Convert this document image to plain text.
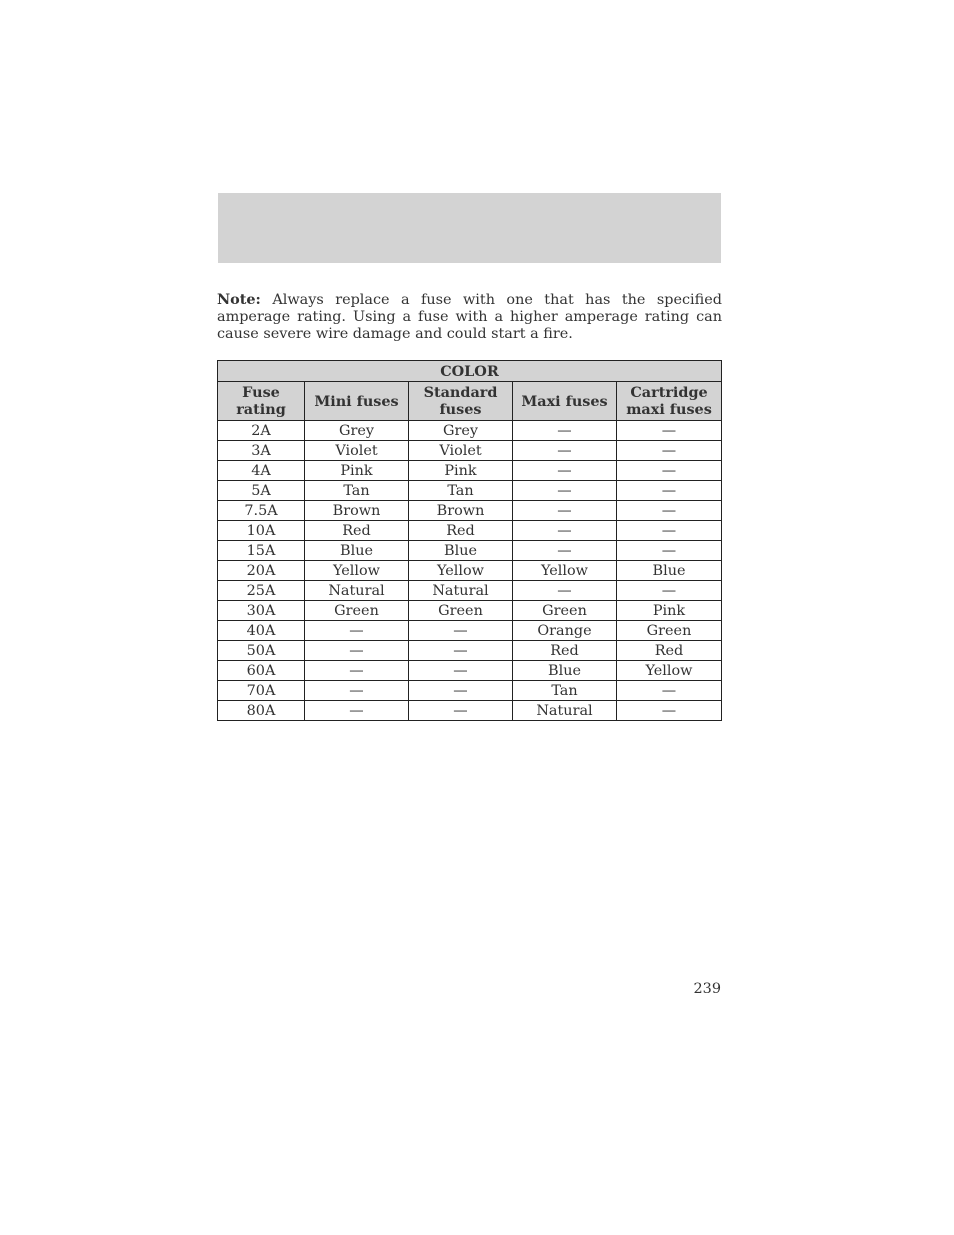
Note: Always replace a fuse with one that has the specified amperage rating. Using a fuse with a higher amperage rating can cause severe wire damage and could start a fire.

COLOR				
Fuse rating	Mini fuses	Standard fuses	Maxi fuses	Cartridge maxi fuses
2A	Grey	Grey	—	—
3A	Violet	Violet	—	—
4A	Pink	Pink	—	—
5A	Tan	Tan	—	—
7.5A	Brown	Brown	—	—
10A	Red	Red	—	—
15A	Blue	Blue	—	—
20A	Yellow	Yellow	Yellow	Blue
25A	Natural	Natural	—	—
30A	Green	Green	Green	Pink
40A	—	—	Orange	Green
50A	—	—	Red	Red
60A	—	—	Blue	Yellow
70A	—	—	Tan	—
80A	—	—	Natural	—
239
